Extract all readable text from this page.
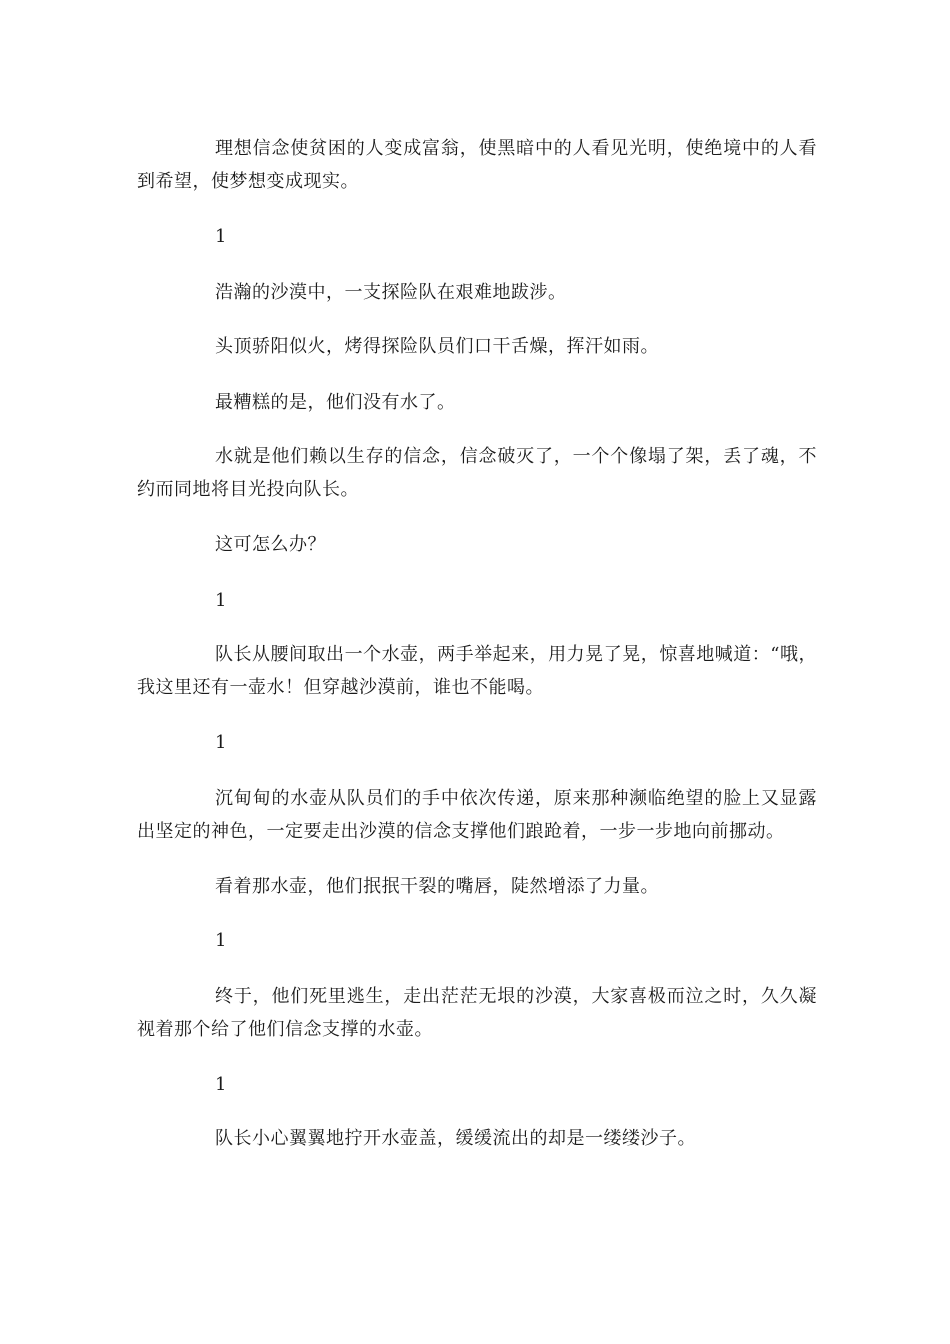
理想信念使贫困的人变成富翁，使黑暗中的人看见光明，使绝境中的人看到希望，使梦想变成现实。

1

浩瀚的沙漠中，一支探险队在艰难地跋涉。

头顶骄阳似火，烤得探险队员们口干舌燥，挥汗如雨。

最糟糕的是，他们没有水了。

水就是他们赖以生存的信念，信念破灭了，一个个像塌了架，丢了魂，不约而同地将目光投向队长。

这可怎么办？

1

队长从腰间取出一个水壶，两手举起来，用力晃了晃，惊喜地喊道：“哦，我这里还有一壶水！但穿越沙漠前，谁也不能喝。

1

沉甸甸的水壶从队员们的手中依次传递，原来那种濒临绝望的脸上又显露出坚定的神色，一定要走出沙漠的信念支撑他们踉跄着，一步一步地向前挪动。

看着那水壶，他们抿抿干裂的嘴唇，陡然增添了力量。

1

终于，他们死里逃生，走出茫茫无垠的沙漠，大家喜极而泣之时，久久凝视着那个给了他们信念支撑的水壶。

1

队长小心翼翼地拧开水壶盖，缓缓流出的却是一缕缕沙子。
